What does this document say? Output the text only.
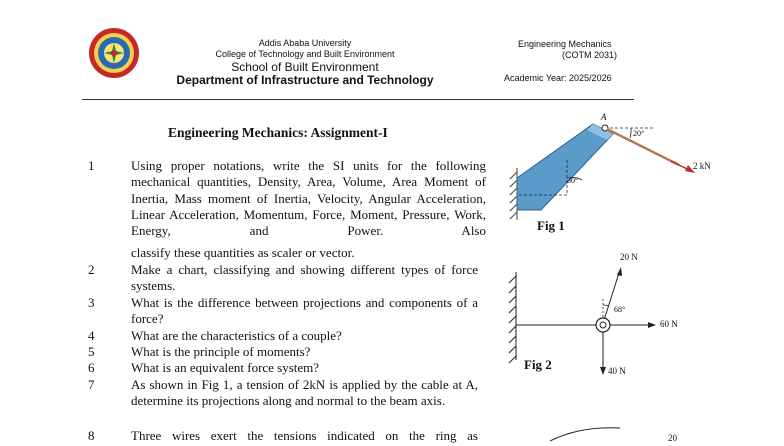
Addis Ababa University
College of Technology and Built Environment
School of Built Environment
Department of Infrastructure and Technology
Engineering Mechanics
(COTM 2031)
Academic Year: 2025/2026
Engineering Mechanics: Assignment-I
1	Using proper notations, write the SI units for the following mechanical quantities, Density, Area, Volume, Area Moment of Inertia, Mass moment of Inertia, Velocity, Angular Acceleration, Linear Acceleration, Momentum, Force, Moment, Pressure, Work, Energy, and Power. Also
classify these quantities as scaler or vector.
2	Make a chart, classifying and showing different types of force systems.
3	What is the difference between projections and components of a force?
4	What are the characteristics of a couple?
5	What is the principle of moments?
6	What is an equivalent force system?
7	As shown in Fig 1, a tension of 2kN is applied by the cable at A, determine its projections along and normal to the beam axis.
8	Three wires exert the tensions indicated on the ring as
A
20°
30°
2 kN
Fig 1
20 N
68°
60 N
40 N
Fig 2
20
